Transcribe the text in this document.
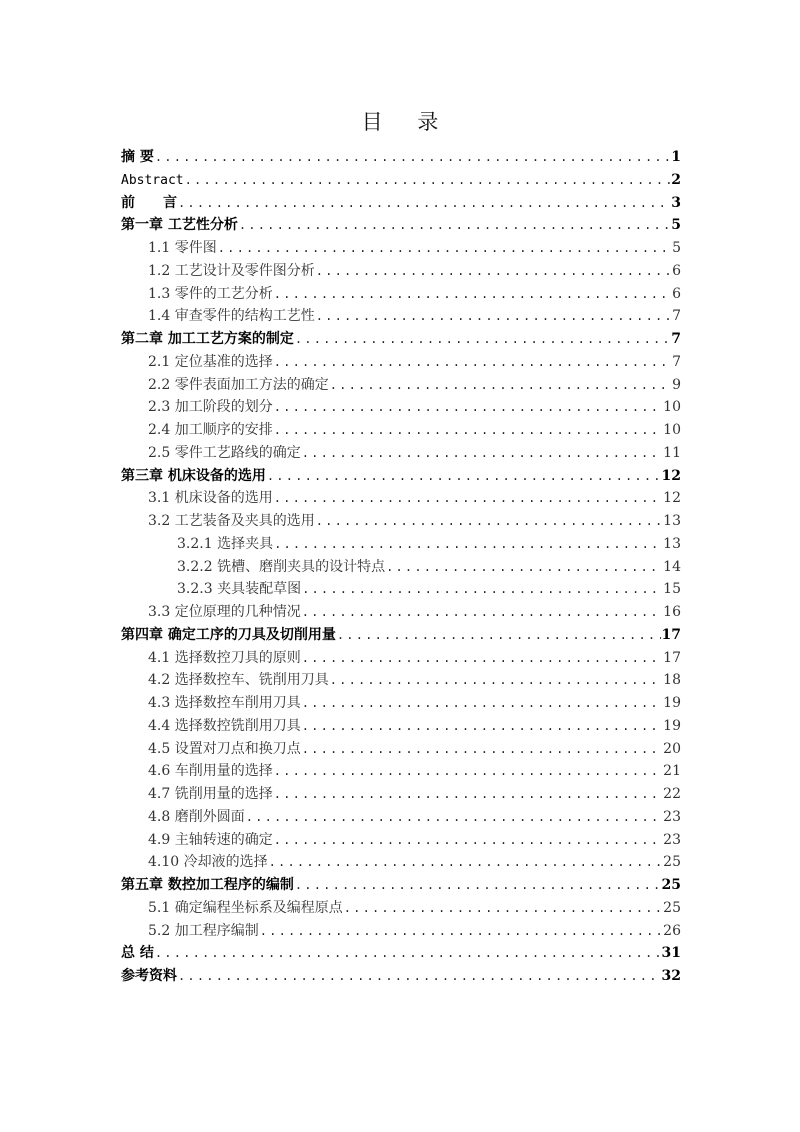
目 录
摘 要 .....	1
Abstract .....	2
前　　言 .....	3
第一章 工艺性分析 .....	5
1.1 零件图 .....	5
1.2 工艺设计及零件图分析 .....	6
1.3 零件的工艺分析 .....	6
1.4 审查零件的结构工艺性 .....	7
第二章 加工工艺方案的制定 .....	7
2.1 定位基准的选择 .....	7
2.2 零件表面加工方法的确定 .....	9
2.3 加工阶段的划分 .....	10
2.4 加工顺序的安排 .....	10
2.5 零件工艺路线的确定 .....	11
第三章 机床设备的选用 .....	12
3.1 机床设备的选用 .....	12
3.2 工艺装备及夹具的选用 .....	13
3.2.1 选择夹具 .....	13
3.2.2 铣槽、磨削夹具的设计特点 .....	14
3.2.3 夹具装配草图 .....	15
3.3 定位原理的几种情况 .....	16
第四章 确定工序的刀具及切削用量 .....	17
4.1 选择数控刀具的原则 .....	17
4.2 选择数控车、铣削用刀具 .....	18
4.3 选择数控车削用刀具 .....	19
4.4 选择数控铣削用刀具 .....	19
4.5 设置对刀点和换刀点 .....	20
4.6 车削用量的选择 .....	21
4.7 铣削用量的选择 .....	22
4.8 磨削外圆面 .....	23
4.9 主轴转速的确定 .....	23
4.10 冷却液的选择 .....	25
第五章 数控加工程序的编制 .....	25
5.1 确定编程坐标系及编程原点 .....	25
5.2 加工程序编制 .....	26
总 结 .....	31
参考资料 .....	32
